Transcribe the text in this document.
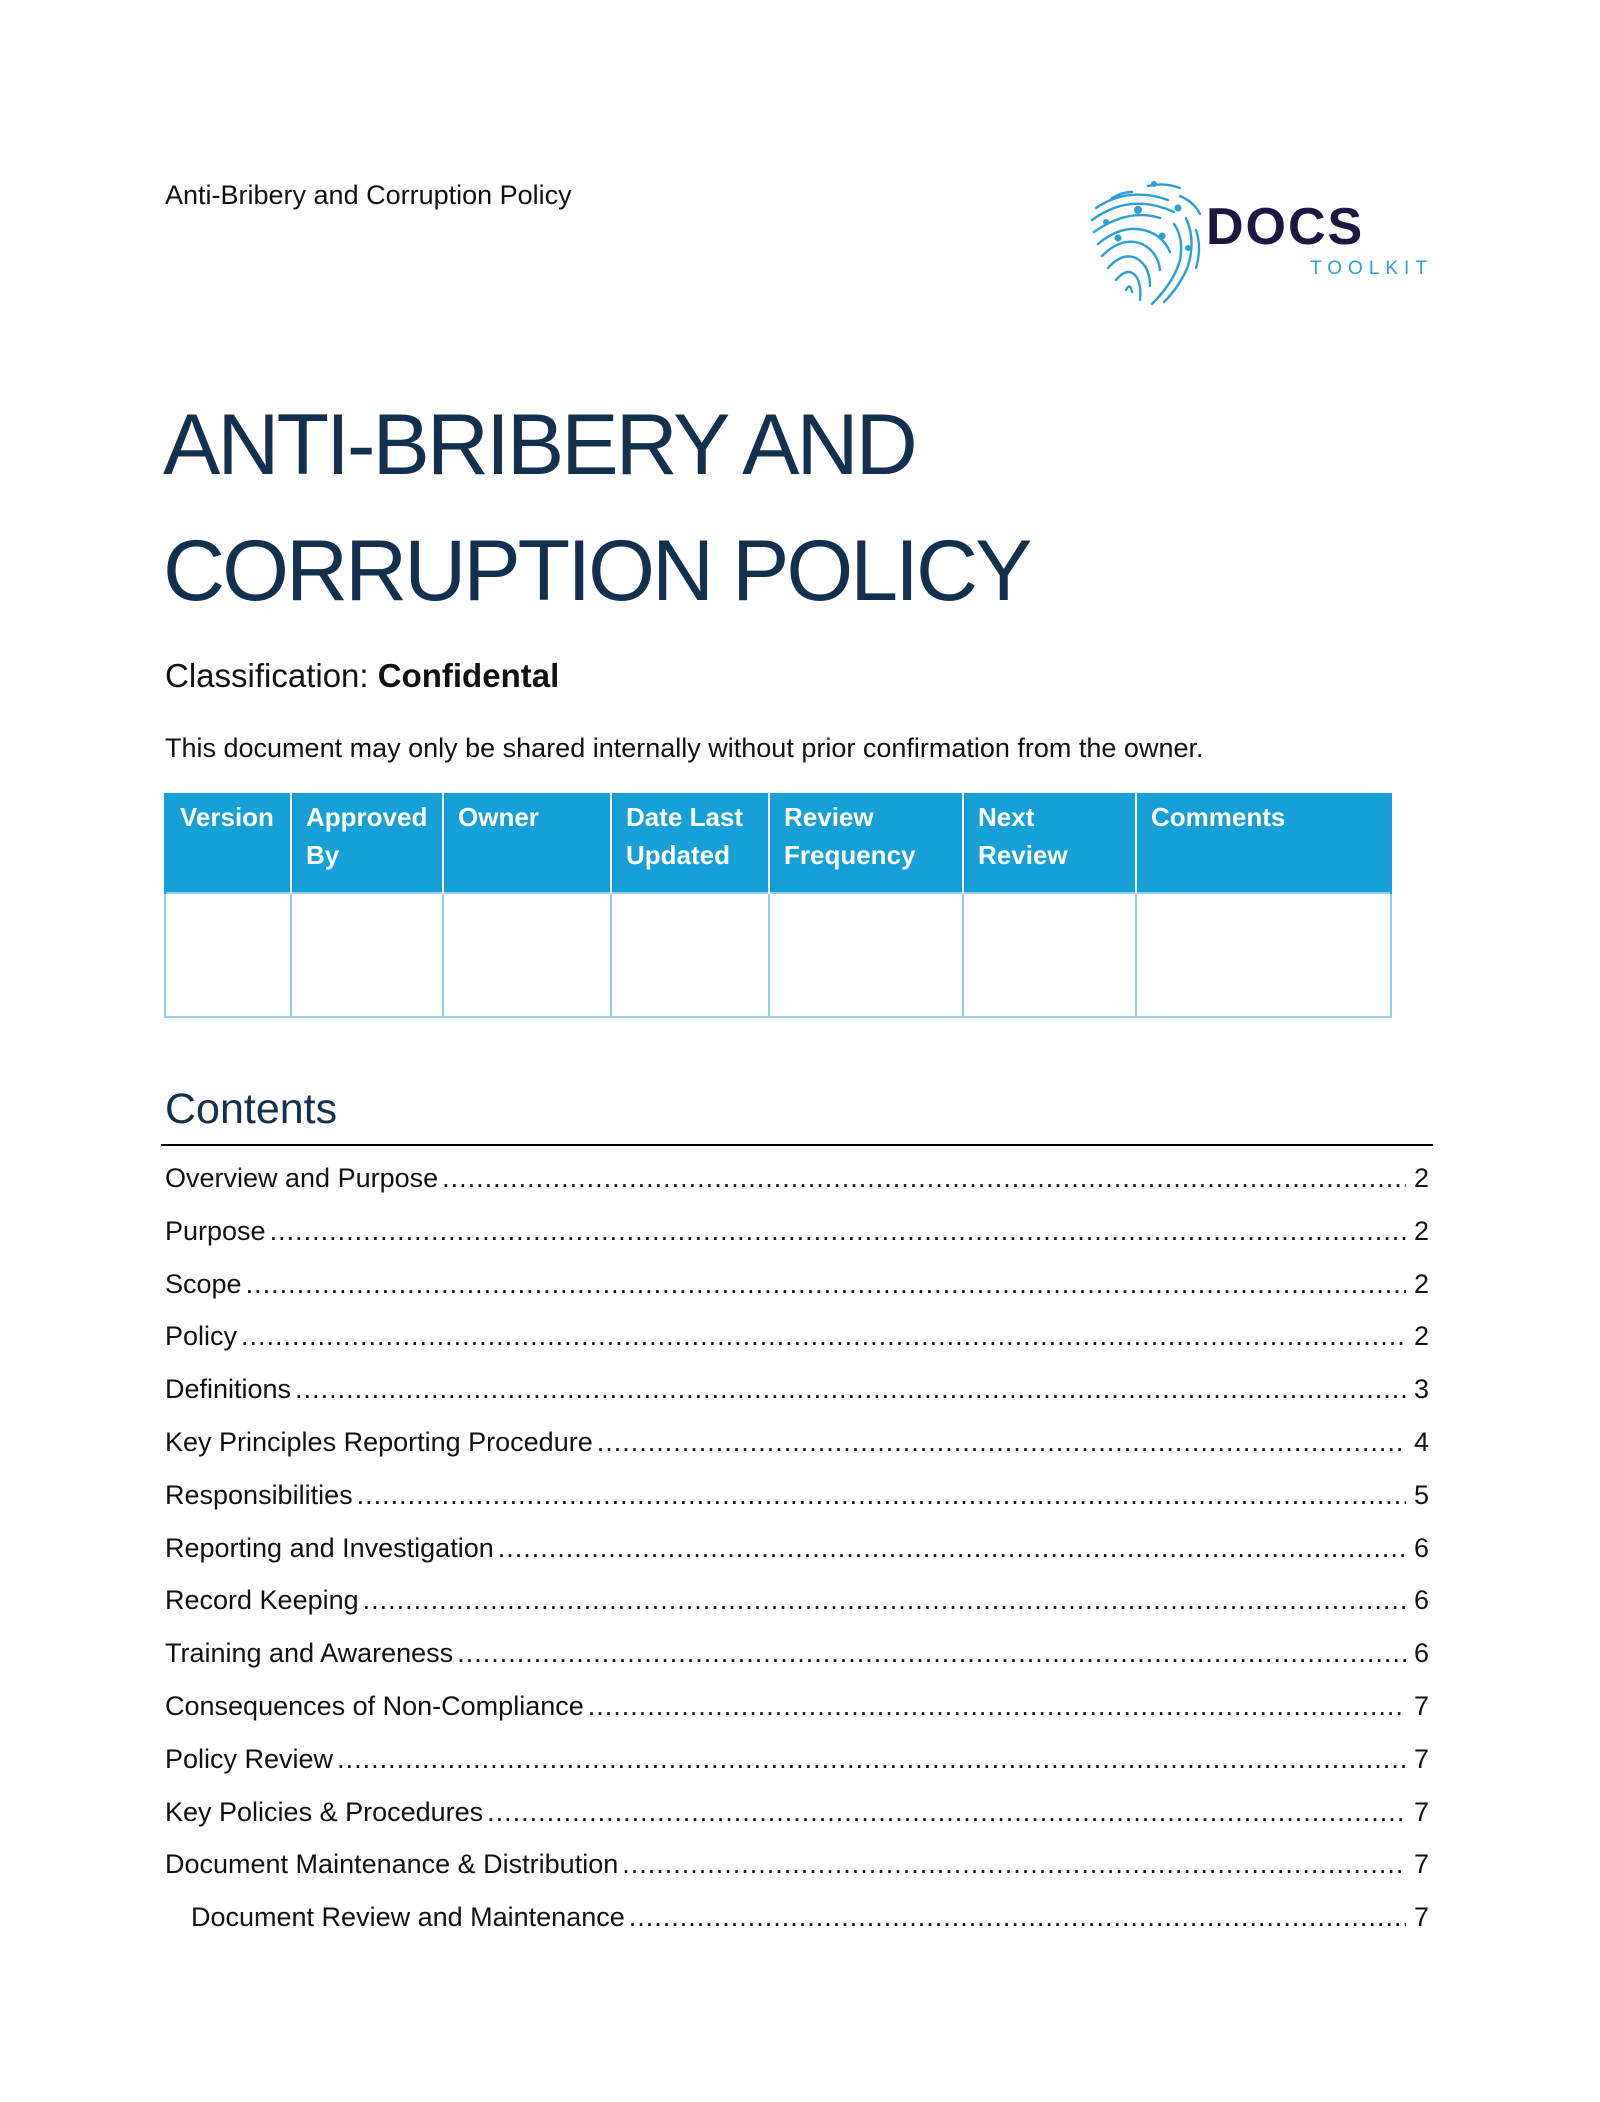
Anti-Bribery and Corruption Policy
DOCS
TOOLKIT
ANTI-BRIBERY AND
CORRUPTION POLICY
Classification: Confidental
This document may only be shared internally without prior confirmation from the owner.
Version	Approved By	Owner	Date Last Updated	Review Frequency	Next Review	Comments

Contents
Overview and Purpose .....	2
Purpose .....	2
Scope .....	2
Policy .....	2
Definitions .....	3
Key Principles Reporting Procedure .....	4
Responsibilities .....	5
Reporting and Investigation .....	6
Record Keeping .....	6
Training and Awareness .....	6
Consequences of Non-Compliance .....	7
Policy Review .....	7
Key Policies & Procedures .....	7
Document Maintenance & Distribution .....	7
Document Review and Maintenance .....	7
